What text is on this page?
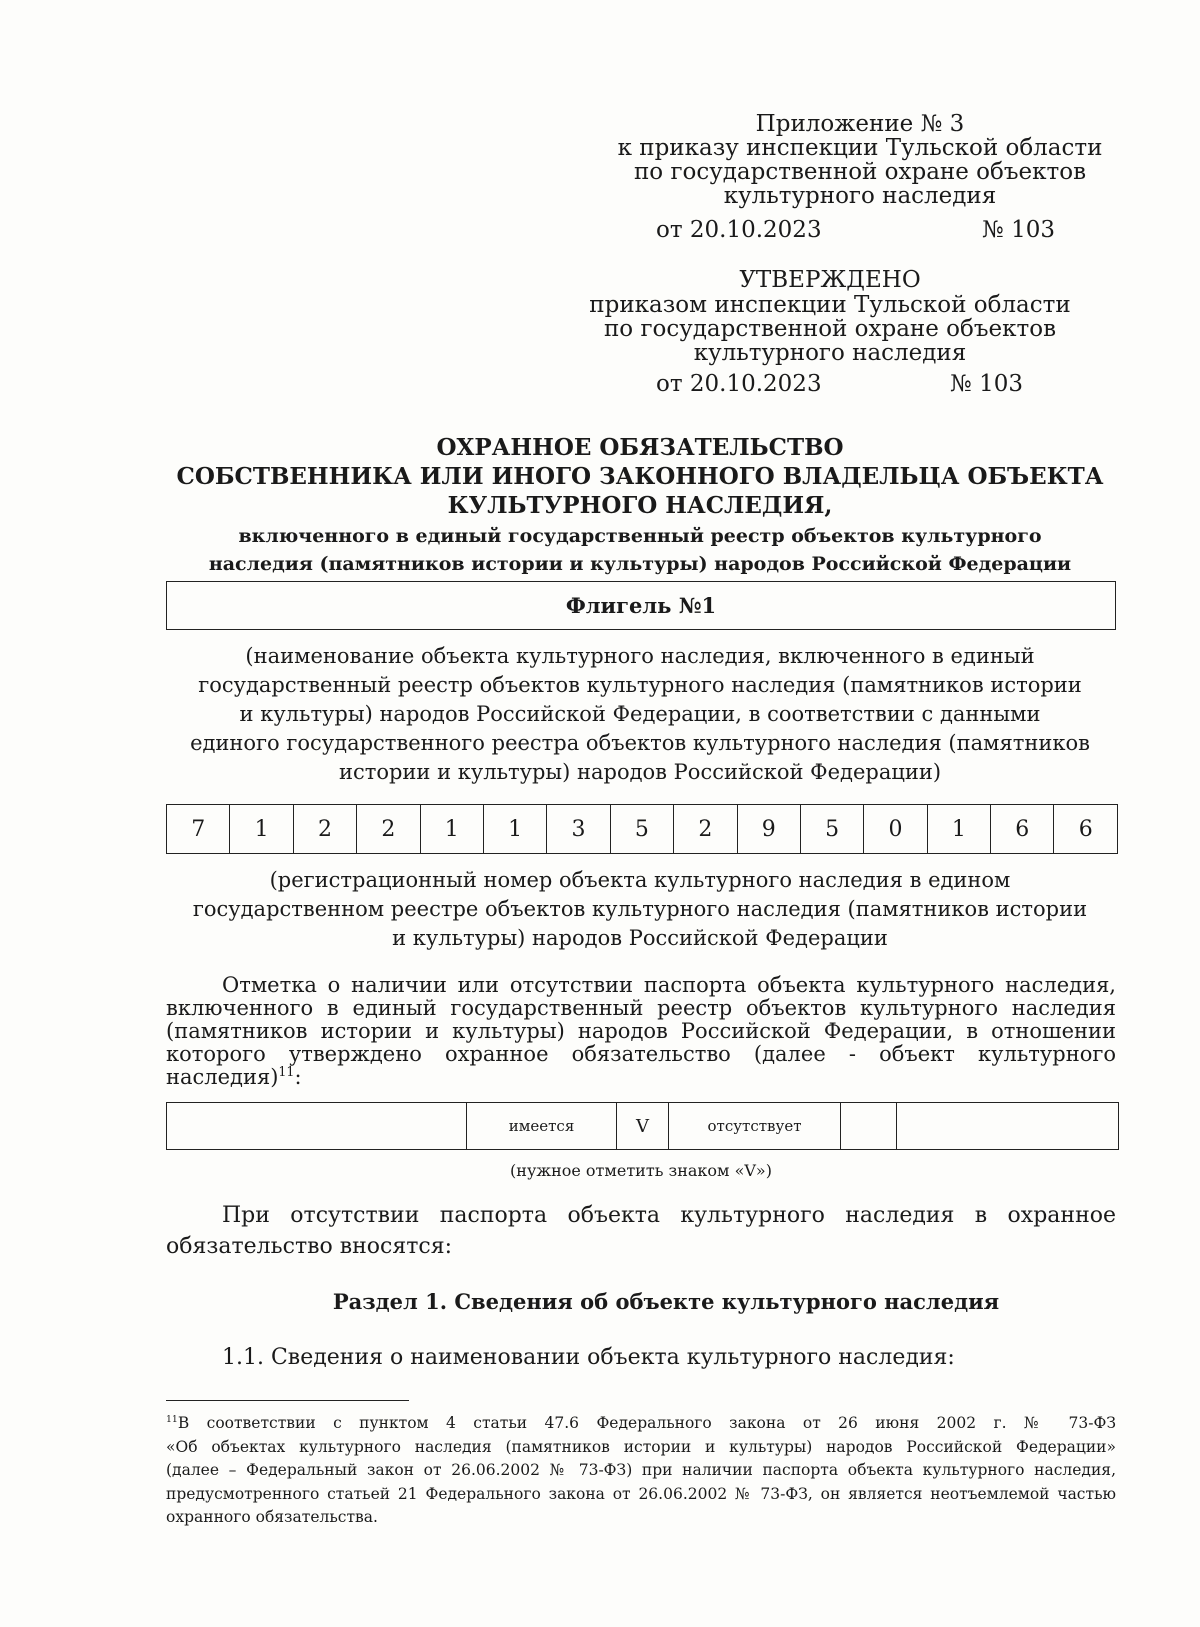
Приложение № 3
к приказу инспекции Тульской области
по государственной охране объектов
культурного наследия
от 20.10.2023	№ 103
УТВЕРЖДЕНО
приказом инспекции Тульской области
по государственной охране объектов
культурного наследия
от 20.10.2023	№ 103
ОХРАННОЕ ОБЯЗАТЕЛЬСТВО
СОБСТВЕННИКА ИЛИ ИНОГО ЗАКОННОГО ВЛАДЕЛЬЦА ОБЪЕКТА
КУЛЬТУРНОГО НАСЛЕДИЯ,
включенного в единый государственный реестр объектов культурного
наследия (памятников истории и культуры) народов Российской Федерации
Флигель №1
(наименование объекта культурного наследия, включенного в единый
государственный реестр объектов культурного наследия (памятников истории
и культуры) народов Российской Федерации, в соответствии с данными
единого государственного реестра объектов культурного наследия (памятников
истории и культуры) народов Российской Федерации)
7	1	2	2	1	1	3	5	2	9	5	0	1	6	6
(регистрационный номер объекта культурного наследия в едином
государственном реестре объектов культурного наследия (памятников истории
и культуры) народов Российской Федерации
Отметка о наличии или отсутствии паспорта объекта культурного наследия,
включенного в единый государственный реестр объектов культурного наследия
(памятников истории и культуры) народов Российской Федерации, в отношении
которого утверждено охранное обязательство (далее - объект культурного
наследия)$^{11}$:
	имеется	V	отсутствует		
(нужное отметить знаком «V»)
При отсутствии паспорта объекта культурного наследия в охранное
обязательство вносятся:
Раздел 1. Сведения об объекте культурного наследия
1.1. Сведения о наименовании объекта культурного наследия:
$^{11}$В соответствии с пунктом 4 статьи 47.6 Федерального закона от 26 июня 2002 г. № 73-ФЗ
«Об объектах культурного наследия (памятников истории и культуры) народов Российской Федерации»
(далее – Федеральный закон от 26.06.2002 № 73-ФЗ) при наличии паспорта объекта культурного наследия,
предусмотренного статьей 21 Федерального закона от 26.06.2002 № 73-ФЗ, он является неотъемлемой частью
охранного обязательства.
